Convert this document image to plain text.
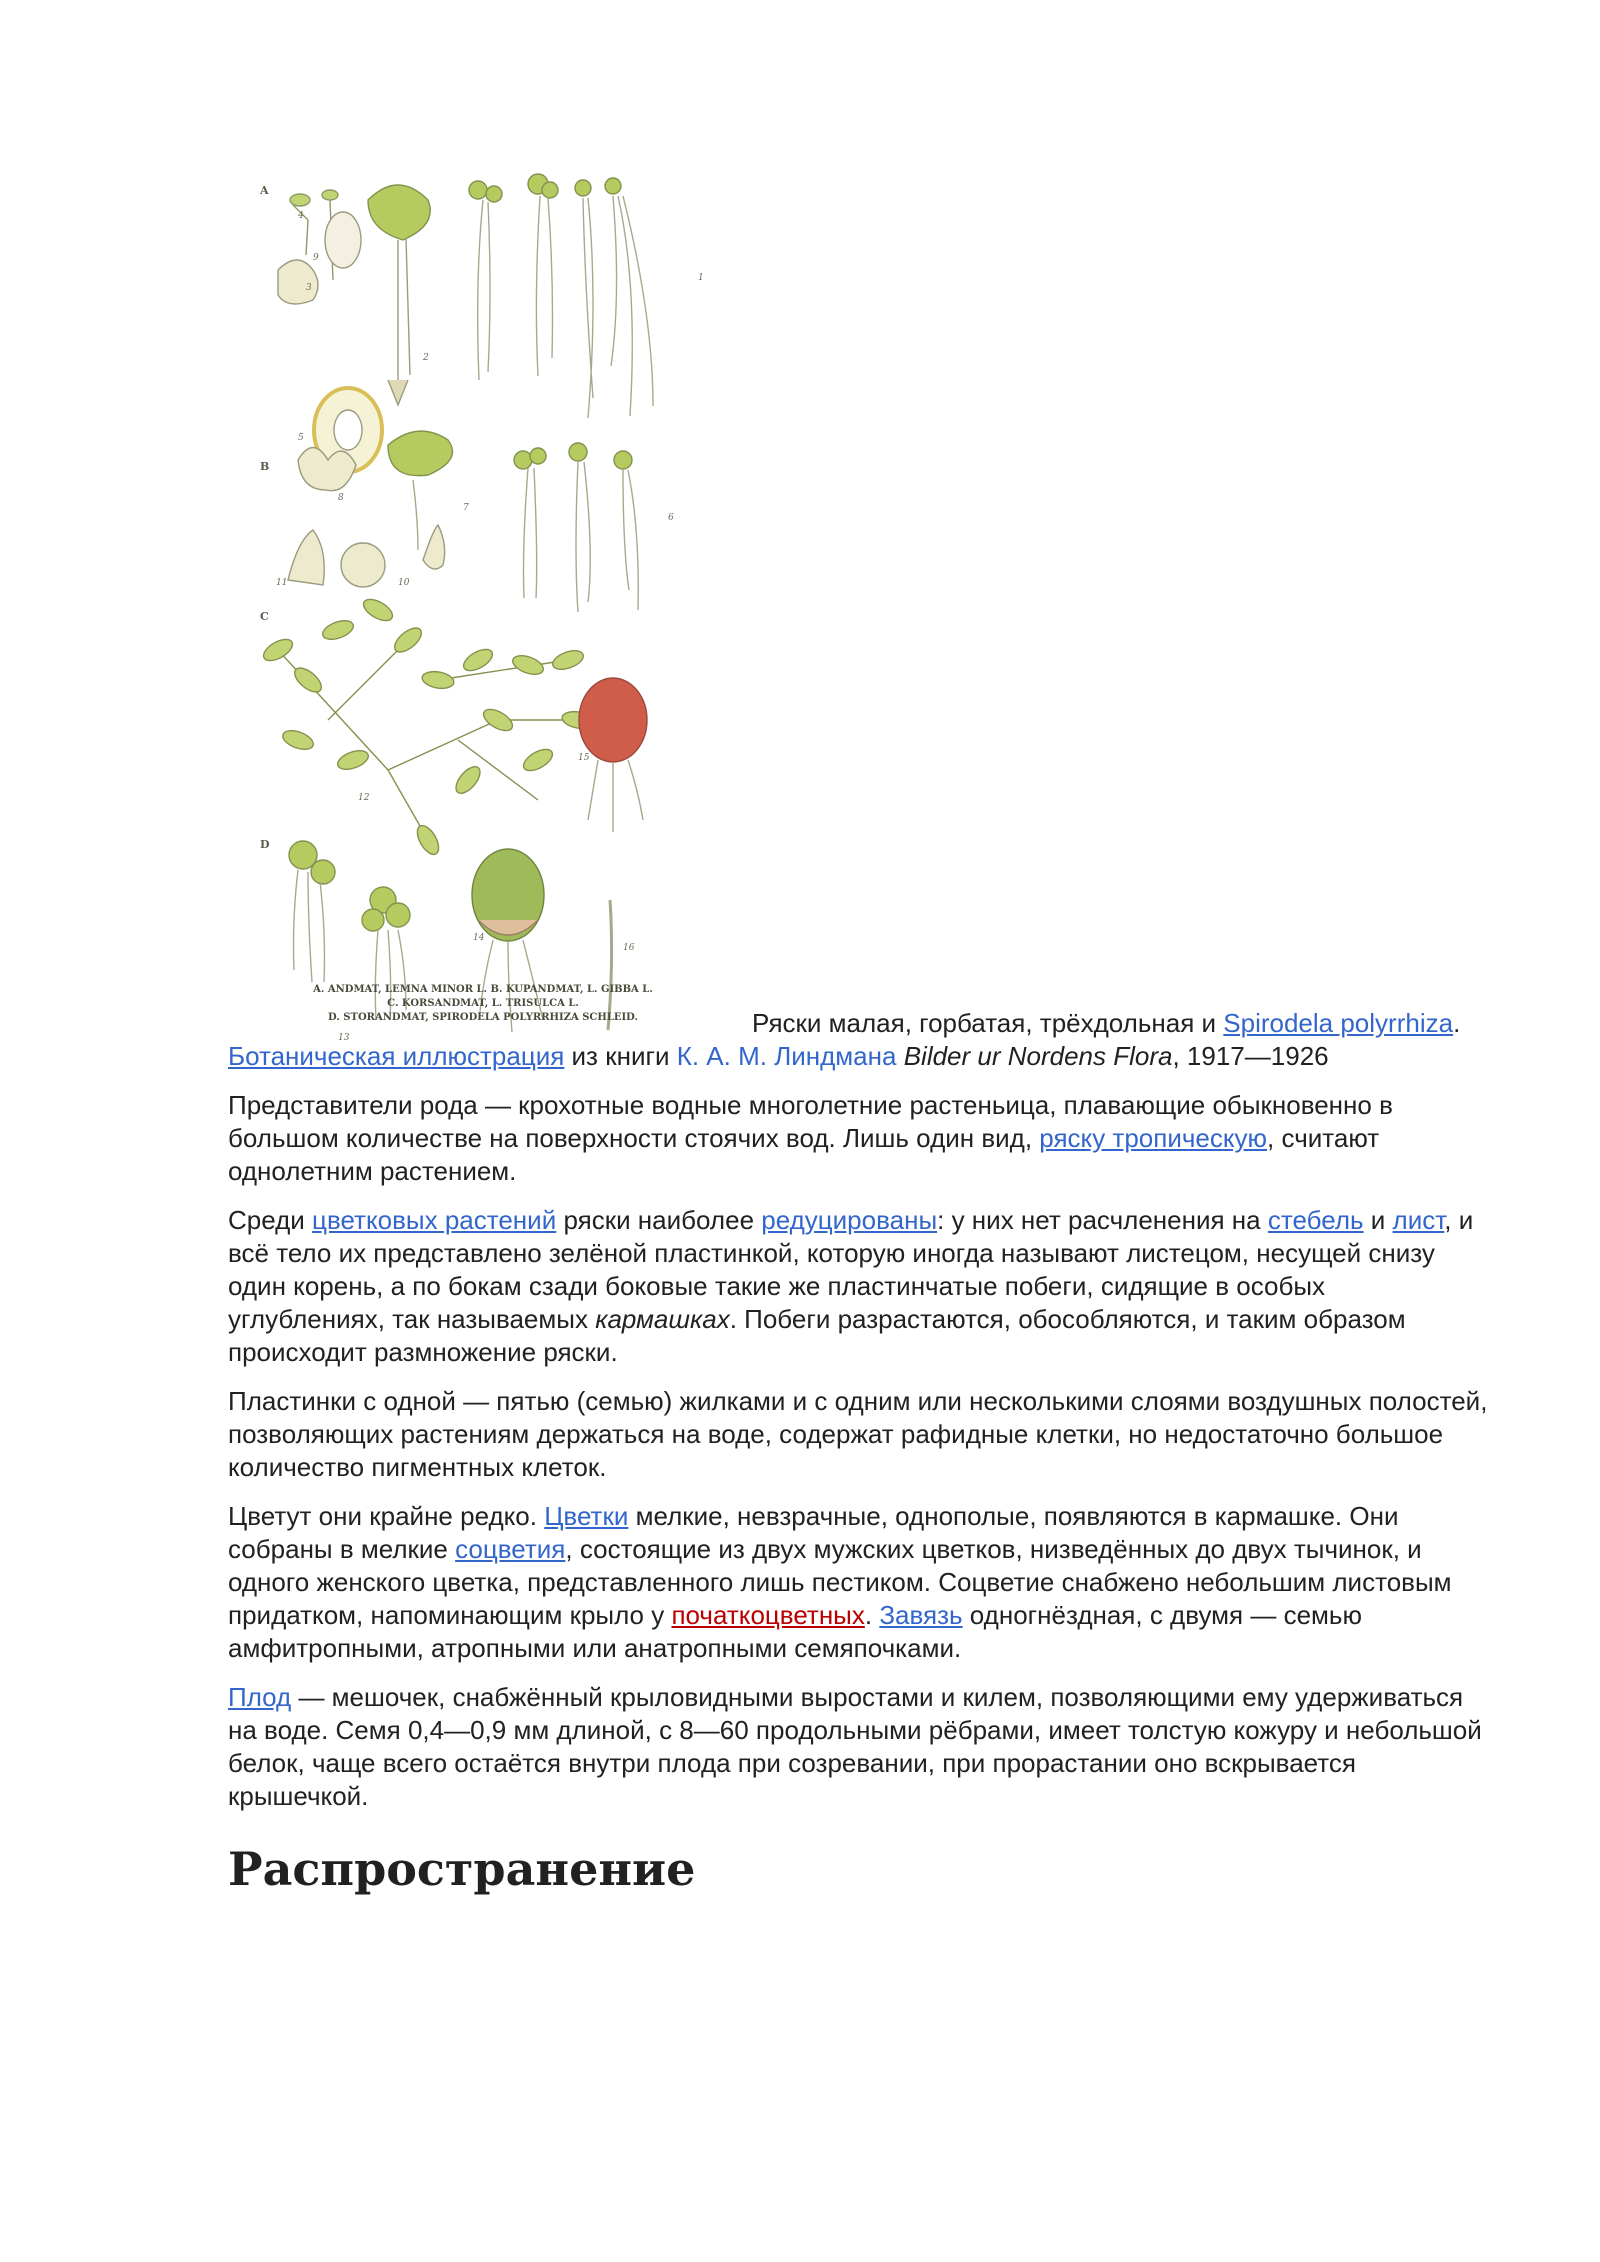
A
B
C
D
1
2
3
4
5
6
7
8
9
10
11
12
13
14
15
16
A. ANDMAT, LEMNA MINOR L. B. KUPANDMAT, L. GIBBA L.
C. KORSANDMAT, L. TRISULCA L.
D. STORANDMAT, SPIRODELA POLYRRHIZA SCHLEID.	Ряски малая, горбатая, трёхдольная и Spirodela polyrrhiza. Ботаническая иллюстрация из книги К. А. М. Линдмана Bilder ur Nordens Flora, 1917—1926

Представители рода — крохотные водные многолетние растеньица, плавающие обыкновенно в большом количестве на поверхности стоячих вод. Лишь один вид, ряску тропическую, считают однолетним растением.

Среди цветковых растений ряски наиболее редуцированы: у них нет расчленения на стебель и лист, и всё тело их представлено зелёной пластинкой, которую иногда называют листецом, несущей снизу один корень, а по бокам сзади боковые такие же пластинчатые побеги, сидящие в особых углублениях, так называемых кармашках. Побеги разрастаются, обособляются, и таким образом происходит размножение ряски.

Пластинки с одной — пятью (семью) жилками и с одним или несколькими слоями воздушных полостей, позволяющих растениям держаться на воде, содержат рафидные клетки, но недостаточно большое количество пигментных клеток.

Цветут они крайне редко. Цветки мелкие, невзрачные, однополые, появляются в кармашке. Они собраны в мелкие соцветия, состоящие из двух мужских цветков, низведённых до двух тычинок, и одного женского цветка, представленного лишь пестиком. Соцветие снабжено небольшим листовым придатком, напоминающим крыло у початкоцветных. Завязь одногнёздная, с двумя — семью амфитропными, атропными или анатропными семяпочками.

Плод — мешочек, снабжённый крыловидными выростами и килем, позволяющими ему удерживаться на воде. Семя 0,4—0,9 мм длиной, с 8—60 продольными рёбрами, имеет толстую кожуру и небольшой белок, чаще всего остаётся внутри плода при созревании, при прорастании оно вскрывается крышечкой.

Распространение
